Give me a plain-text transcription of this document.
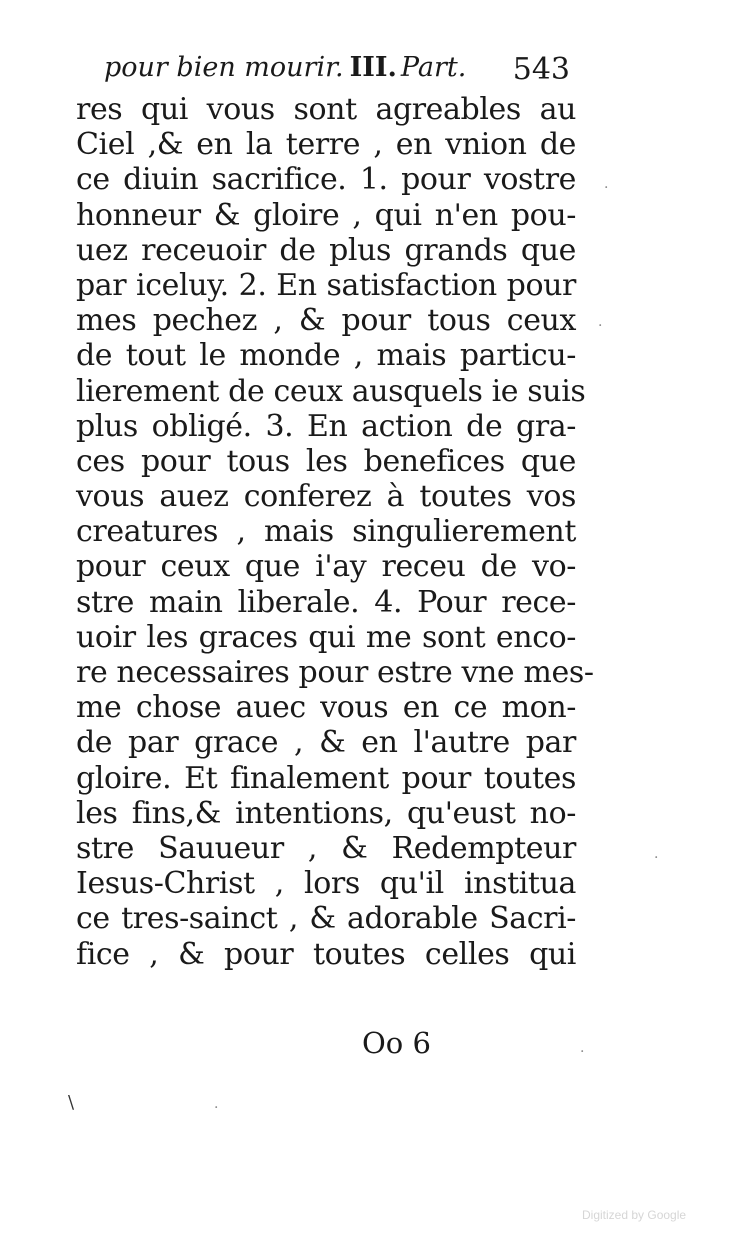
pour bien mourir. III. Part. 543
res qui vous sont agreables au
Ciel ,& en la terre , en vnion de
ce diuin sacrifice. 1. pour vostre
honneur & gloire , qui n'en pou-
uez receuoir de plus grands que
par iceluy. 2. En satisfaction pour
mes pechez , & pour tous ceux
de tout le monde , mais particu-
lierement de ceux ausquels ie suis
plus obligé. 3. En action de gra-
ces pour tous les benefices que
vous auez conferez à toutes vos
creatures , mais singulierement
pour ceux que i'ay receu de vo-
stre main liberale. 4. Pour rece-
uoir les graces qui me sont enco-
re necessaires pour estre vne mes-
me chose auec vous en ce mon-
de par grace , & en l'autre par
gloire. Et finalement pour toutes
les fins,& intentions, qu'eust no-
stre Sauueur , & Redempteur
Iesus-Christ , lors qu'il institua
ce tres-sainct , & adorable Sacri-
fice , & pour toutes celles qui
Oo 6
\
·
·
·
·
·
Digitized by Google
